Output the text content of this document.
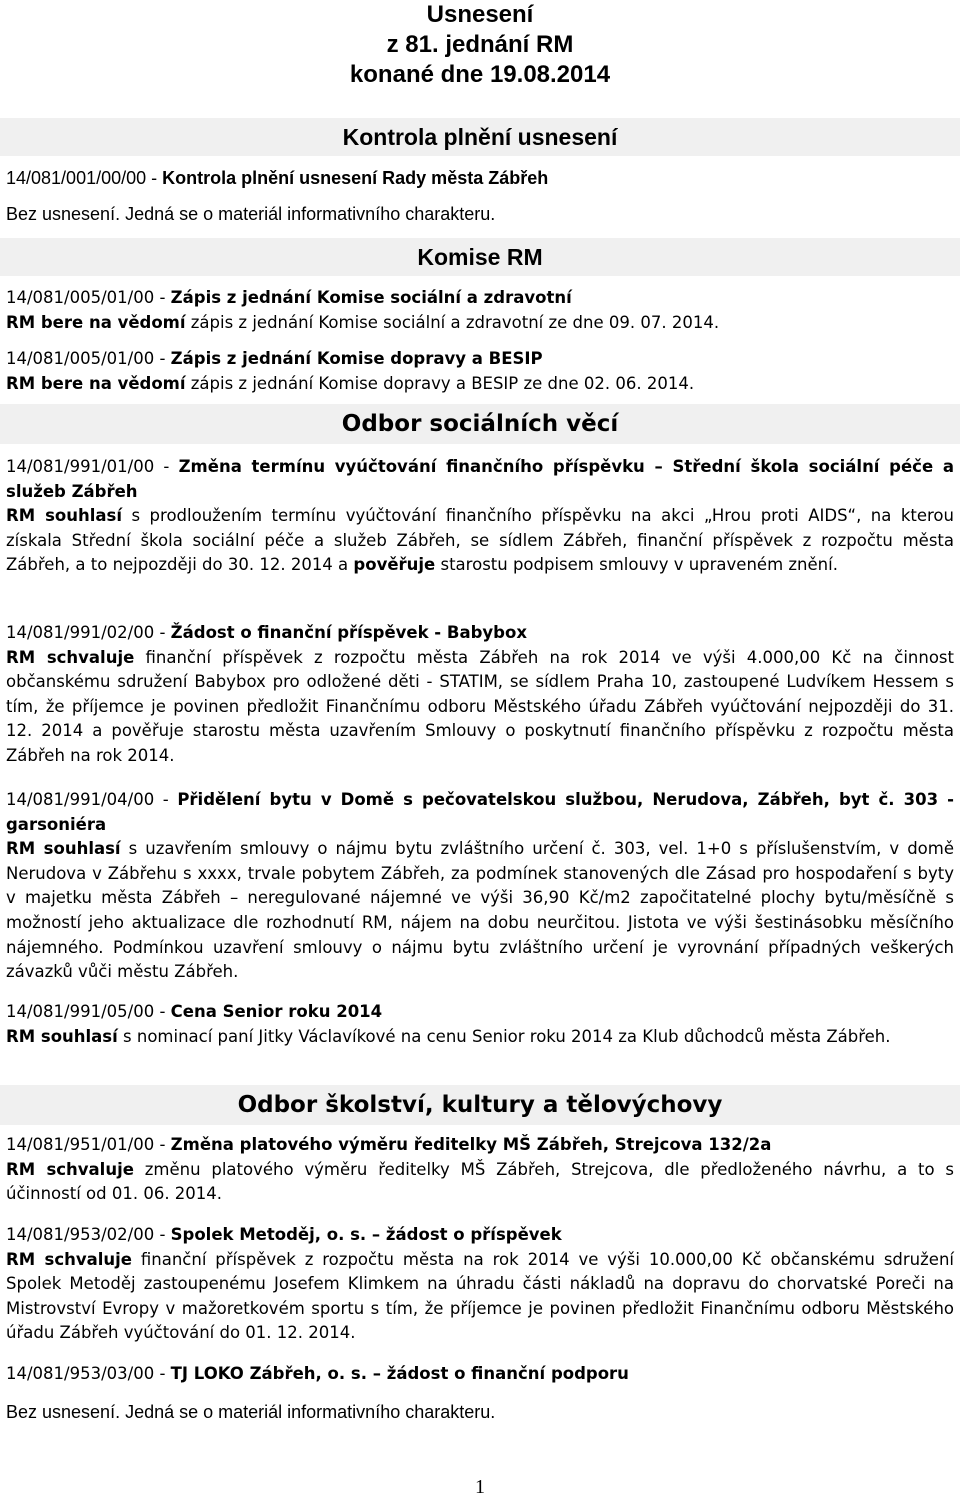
Usnesení
z 81. jednání RM
konané dne 19.08.2014
Kontrola plnění usnesení
14/081/001/00/00 - Kontrola plnění usnesení Rady města Zábřeh
Bez usnesení. Jedná se o materiál informativního charakteru.
Komise RM
14/081/005/01/00 - Zápis z jednání Komise sociální a zdravotní
RM bere na vědomí zápis z jednání Komise sociální a zdravotní ze dne 09. 07. 2014.
14/081/005/01/00 - Zápis z jednání Komise dopravy a BESIP
RM bere na vědomí zápis z jednání Komise dopravy a BESIP ze dne 02. 06. 2014.
Odbor sociálních věcí
14/081/991/01/00 - Změna termínu vyúčtování finančního příspěvku – Střední škola sociální péče a služeb Zábřeh
RM souhlasí s prodloužením termínu vyúčtování finančního příspěvku na akci „Hrou proti AIDS“, na kterou získala Střední škola sociální péče a služeb Zábřeh, se sídlem Zábřeh, finanční příspěvek z rozpočtu města Zábřeh, a to nejpozději do 30. 12. 2014 a pověřuje starostu podpisem smlouvy v upraveném znění.
14/081/991/02/00 - Žádost o finanční příspěvek - Babybox
RM schvaluje finanční příspěvek z rozpočtu města Zábřeh na rok 2014 ve výši 4.000,00 Kč na činnost občanskému sdružení Babybox pro odložené děti - STATIM, se sídlem Praha 10, zastoupené Ludvíkem Hessem s tím, že příjemce je povinen předložit Finančnímu odboru Městského úřadu Zábřeh vyúčtování nejpozději do 31. 12. 2014 a pověřuje starostu města uzavřením Smlouvy o poskytnutí finančního příspěvku z rozpočtu města Zábřeh na rok 2014.
14/081/991/04/00 - Přidělení bytu v Domě s pečovatelskou službou, Nerudova, Zábřeh, byt č. 303 - garsoniéra
RM souhlasí s uzavřením smlouvy o nájmu bytu zvláštního určení č. 303, vel. 1+0 s příslušenstvím, v domě Nerudova v Zábřehu s xxxx, trvale pobytem Zábřeh, za podmínek stanovených dle Zásad pro hospodaření s byty v majetku města Zábřeh – neregulované nájemné ve výši 36,90 Kč/m2 započitatelné plochy bytu/měsíčně s možností jeho aktualizace dle rozhodnutí RM, nájem na dobu neurčitou. Jistota ve výši šestinásobku měsíčního nájemného. Podmínkou uzavření smlouvy o nájmu bytu zvláštního určení je vyrovnání případných veškerých závazků vůči městu Zábřeh.
14/081/991/05/00 - Cena Senior roku 2014
RM souhlasí s nominací paní Jitky Václavíkové na cenu Senior roku 2014 za Klub důchodců města Zábřeh.
Odbor školství, kultury a tělovýchovy
14/081/951/01/00 - Změna platového výměru ředitelky MŠ Zábřeh, Strejcova 132/2a
RM schvaluje změnu platového výměru ředitelky MŠ Zábřeh, Strejcova, dle předloženého návrhu, a to s účinností od 01. 06. 2014.
14/081/953/02/00 - Spolek Metoděj, o. s. – žádost o příspěvek
RM schvaluje finanční příspěvek z rozpočtu města na rok 2014 ve výši 10.000,00 Kč občanskému sdružení Spolek Metoděj zastoupenému Josefem Klimkem na úhradu části nákladů na dopravu do chorvatské Poreči na Mistrovství Evropy v mažoretkovém sportu s tím, že příjemce je povinen předložit Finančnímu odboru Městského úřadu Zábřeh vyúčtování do 01. 12. 2014.
14/081/953/03/00 - TJ LOKO Zábřeh, o. s. – žádost o finanční podporu
Bez usnesení. Jedná se o materiál informativního charakteru.
1
